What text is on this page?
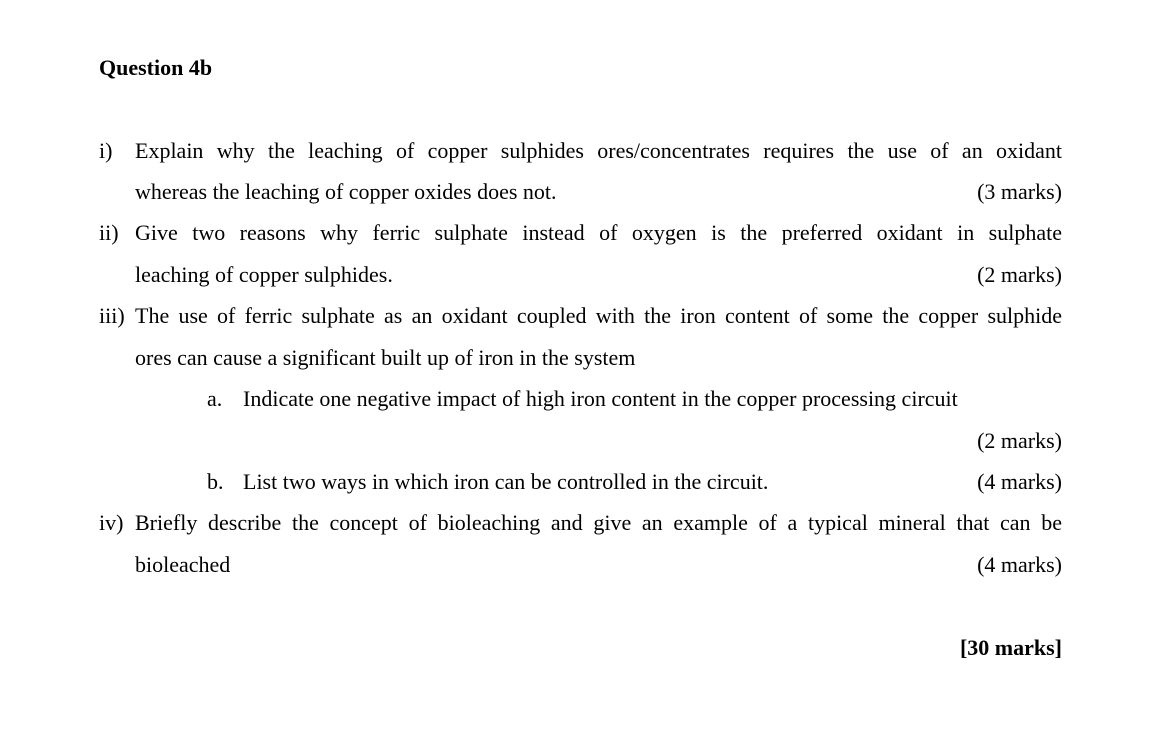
Question 4b
i) Explain why the leaching of copper sulphides ores/concentrates requires the use of an oxidant
whereas the leaching of copper oxides does not.	(3 marks)
ii) Give two reasons why ferric sulphate instead of oxygen is the preferred oxidant in sulphate
leaching of copper sulphides.	(2 marks)
iii) The use of ferric sulphate as an oxidant coupled with the iron content of some the copper sulphide
ores can cause a significant built up of iron in the system
a. Indicate one negative impact of high iron content in the copper processing circuit
(2 marks)
b. List two ways in which iron can be controlled in the circuit.	(4 marks)
iv) Briefly describe the concept of bioleaching and give an example of a typical mineral that can be
bioleached	(4 marks)
[30 marks]
